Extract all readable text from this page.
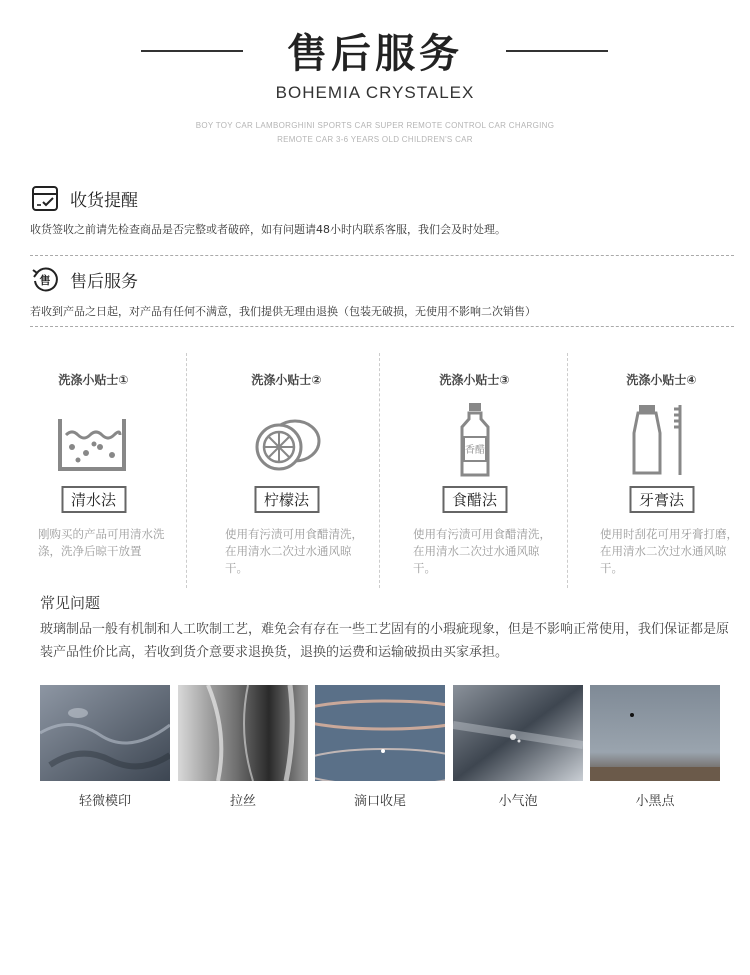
售后服务
BOHEMIA CRYSTALEX
BOY TOY CAR LAMBORGHINI SPORTS CAR SUPER REMOTE CONTROL CAR CHARGING
REMOTE CAR 3-6 YEARS OLD CHILDREN'S CAR
收货提醒
收货签收之前请先检查商品是否完整或者破碎，如有问题请48小时内联系客服，我们会及时处理。
售 售后服务
若收到产品之日起，对产品有任何不满意，我们提供无理由退换（包装无破损，无使用不影响二次销售）
洗涤小贴士①
清水法
刚购买的产品可用清水洗涤，洗净后晾干放置
洗涤小贴士②
柠檬法
使用有污渍可用食醋清洗，在用清水二次过水通风晾干。
洗涤小贴士③
香醋
食醋法
使用有污渍可用食醋清洗，在用清水二次过水通风晾干。
洗涤小贴士④
牙膏法
使用时刮花可用牙膏打磨，在用清水二次过水通风晾干。
常见问题
玻璃制品一般有机制和人工吹制工艺，难免会有存在一些工艺固有的小瑕疵现象，但是不影响正常使用，我们保证都是原装产品性价比高，若收到货介意要求退换货，退换的运费和运输破损由买家承担。
轻微模印	拉丝	滴口收尾	小气泡	小黑点
